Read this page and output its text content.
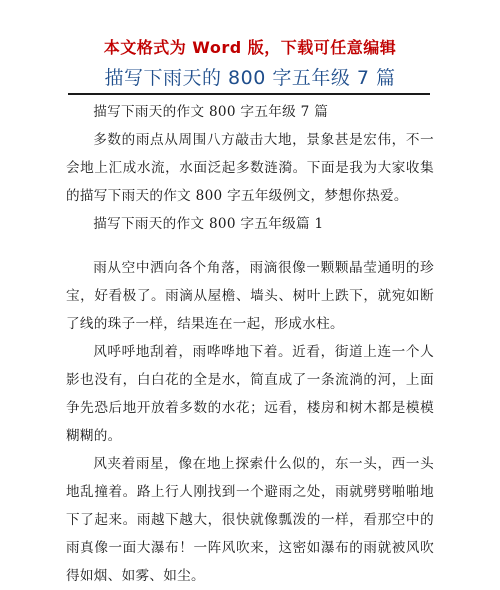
本文格式为 Word 版，下载可任意编辑
描写下雨天的 800 字五年级 7 篇

描写下雨天的作文 800 字五年级 7 篇

多数的雨点从周围八方敲击大地，景象甚是宏伟，不一会地上汇成水流，水面泛起多数涟漪。下面是我为大家收集的描写下雨天的作文 800 字五年级例文，梦想你热爱。

描写下雨天的作文 800 字五年级篇 1

雨从空中洒向各个角落，雨滴很像一颗颗晶莹通明的珍宝，好看极了。雨滴从屋檐、墙头、树叶上跌下，就宛如断了线的珠子一样，结果连在一起，形成水柱。

风呼呼地刮着，雨哗哗地下着。近看，街道上连一个人影也没有，白白花的全是水，简直成了一条流淌的河，上面争先恐后地开放着多数的水花；远看，楼房和树木都是模模糊糊的。

风夹着雨星，像在地上探索什么似的，东一头，西一头地乱撞着。路上行人刚找到一个避雨之处，雨就劈劈啪啪地下了起来。雨越下越大，很快就像瓢泼的一样，看那空中的雨真像一面大瀑布！一阵风吹来，这密如瀑布的雨就被风吹得如烟、如雾、如尘。
